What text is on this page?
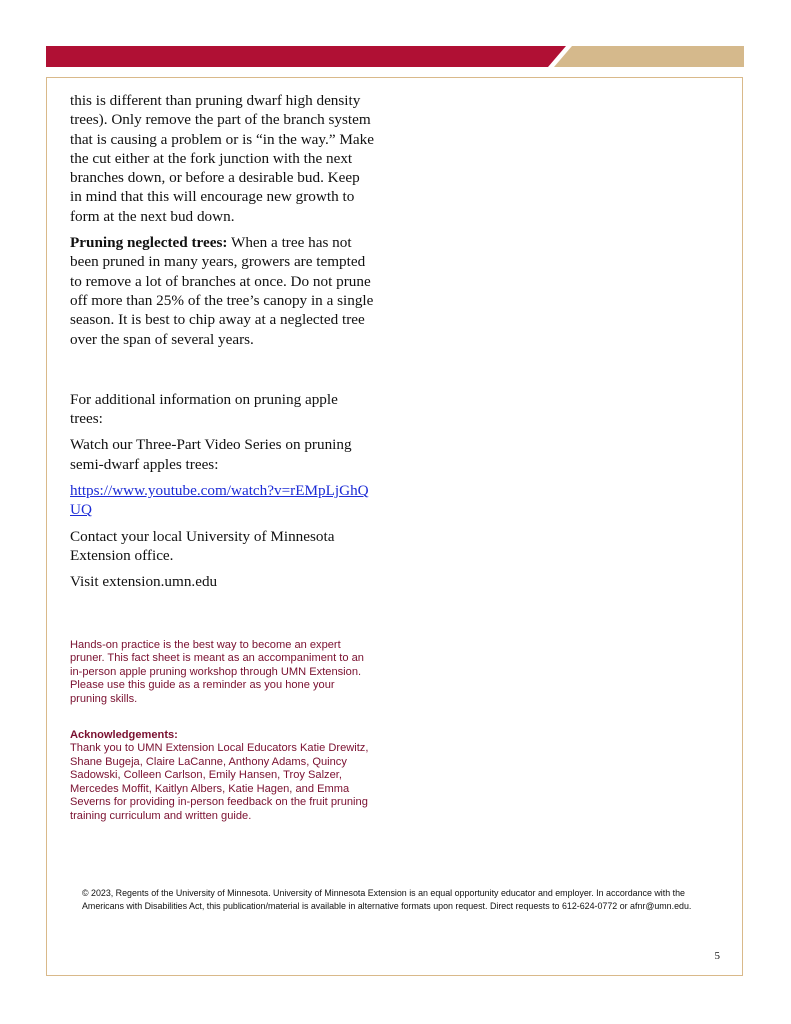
this is different than pruning dwarf high density trees). Only remove the part of the branch system that is causing a problem or is “in the way.” Make the cut either at the fork junction with the next branches down, or before a desirable bud. Keep in mind that this will encourage new growth to form at the next bud down.

Pruning neglected trees: When a tree has not been pruned in many years, growers are tempted to remove a lot of branches at once. Do not prune off more than 25% of the tree’s canopy in a single season. It is best to chip away at a neglected tree over the span of several years.

For additional information on pruning apple trees:

Watch our Three-Part Video Series on pruning semi-dwarf apples trees:

https://www.youtube.com/watch?v=rEMpLjGhQUQ

Contact your local University of Minnesota Extension office.

Visit extension.umn.edu

Hands-on practice is the best way to become an expert pruner. This fact sheet is meant as an accompaniment to an in-person apple pruning workshop through UMN Extension. Please use this guide as a reminder as you hone your pruning skills.

Acknowledgements:

Thank you to UMN Extension Local Educators Katie Drewitz, Shane Bugeja, Claire LaCanne, Anthony Adams, Quincy Sadowski, Colleen Carlson, Emily Hansen, Troy Salzer, Mercedes Moffit, Kaitlyn Albers, Katie Hagen, and Emma Severns for providing in-person feedback on the fruit pruning training curriculum and written guide.

© 2023, Regents of the University of Minnesota. University of Minnesota Extension is an equal opportunity educator and employer. In accordance with the Americans with Disabilities Act, this publication/material is available in alternative formats upon request. Direct requests to 612-624-0772 or afnr@umn.edu.
5
